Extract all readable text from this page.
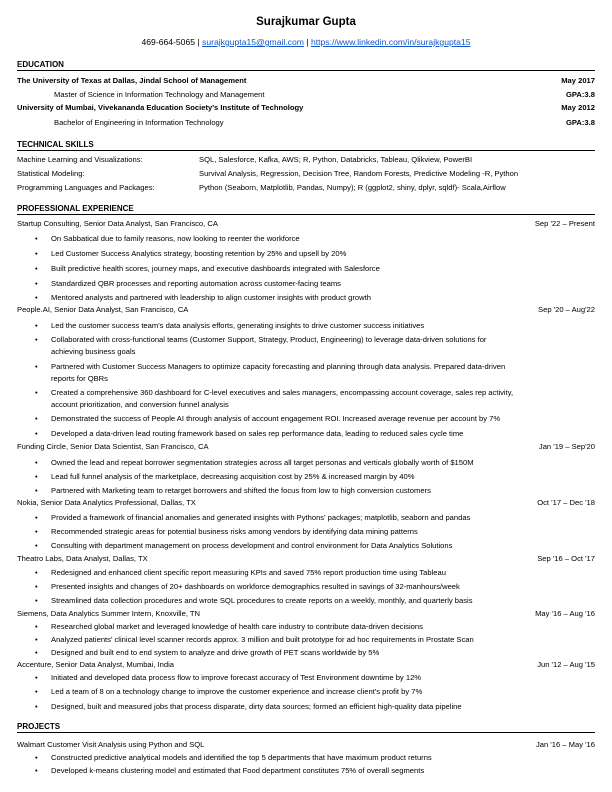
Surajkumar Gupta
469-664-5065 | surajkgupta15@gmail.com | https://www.linkedin.com/in/surajkgupta15
EDUCATION
The University of Texas at Dallas, Jindal School of Management	May 2017
Master of Science in Information Technology and Management	GPA:3.8
University of Mumbai, Vivekananda Education Society's Institute of Technology	May 2012
Bachelor of Engineering in Information Technology	GPA:3.8
TECHNICAL SKILLS
Machine Learning and Visualizations:	SQL, Salesforce, Kafka, AWS; R, Python, Databricks, Tableau, Qlikview, PowerBI
Statistical Modeling:	Survival Analysis, Regression, Decision Tree, Random Forests, Predictive Modeling -R, Python
Programming Languages and Packages:	Python (Seaborn, Matplotlib, Pandas, Numpy); R (ggplot2, shiny, dplyr, sqldf)- Scala,Airflow
PROFESSIONAL EXPERIENCE
Startup Consulting, Senior Data Analyst, San Francisco, CA	Sep '22 – Present
• On Sabbatical due to family reasons, now looking to reenter the workforce
• Led Customer Success Analytics strategy, boosting retention by 25% and upsell by 20%
• Built predictive health scores, journey maps, and executive dashboards integrated with Salesforce
• Standardized QBR processes and reporting automation across customer-facing teams
• Mentored analysts and partnered with leadership to align customer insights with product growth
People.AI, Senior Data Analyst, San Francisco, CA	Sep '20 – Aug'22
• Led the customer success team's data analysis efforts, generating insights to drive customer success initiatives
• Collaborated with cross-functional teams (Customer Support, Strategy, Product, Engineering) to leverage data-driven solutions for
achieving business goals
• Partnered with Customer Success Managers to optimize capacity forecasting and planning through data analysis. Prepared data-driven
reports for QBRs
• Created a comprehensive 360 dashboard for C-level executives and sales managers, encompassing account coverage, sales rep activity,
account prioritization, and conversion funnel analysis
• Demonstrated the success of People AI through analysis of account engagement ROI. Increased average revenue per account by 7%
• Developed a data-driven lead routing framework based on sales rep performance data, leading to reduced sales cycle time
Funding Circle, Senior Data Scientist, San Francisco, CA	Jan '19 – Sep'20
• Owned the lead and repeat borrower segmentation strategies across all target personas and verticals globally worth of $150M
• Lead full funnel analysis of the marketplace, decreasing acquisition cost by 25% & increased margin by 40%
• Partnered with Marketing team to retarget borrowers and shifted the focus from low to high conversion customers
Nokia, Senior Data Analytics Professional, Dallas, TX	Oct '17 – Dec '18
• Provided a framework of financial anomalies and generated insights with Pythons' packages; matplotlib, seaborn and pandas
• Recommended strategic areas for potential business risks among vendors by identifying data mining patterns
• Consulting with department management on process development and control environment for Data Analytics Solutions
Theatro Labs, Data Analyst, Dallas, TX	Sep '16 – Oct '17
• Redesigned and enhanced client specific report measuring KPIs and saved 75% report production time using Tableau
• Presented insights and changes of 20+ dashboards on workforce demographics resulted in savings of 32-manhours/week
• Streamlined data collection procedures and wrote SQL procedures to create reports on a weekly, monthly, and quarterly basis
Siemens, Data Analytics Summer Intern, Knoxville, TN	May '16 – Aug '16
• Researched global market and leveraged knowledge of health care industry to contribute data-driven decisions
• Analyzed patients' clinical level scanner records approx. 3 million and built prototype for ad hoc requirements in Prostate Scan
• Designed and built end to end system to analyze and drive growth of PET scans worldwide by 5%
Accenture, Senior Data Analyst, Mumbai, India	Jun '12 – Aug '15
• Initiated and developed data process flow to improve forecast accuracy of Test Environment downtime by 12%
• Led a team of 8 on a technology change to improve the customer experience and increase client's profit by 7%
• Designed, built and measured jobs that process disparate, dirty data sources; formed an efficient high-quality data pipeline
PROJECTS
Walmart Customer Visit Analysis using Python and SQL	Jan '16 – May '16
• Constructed predictive analytical models and identified the top 5 departments that have maximum product returns
• Developed k-means clustering model and estimated that Food department constitutes 75% of overall segments
